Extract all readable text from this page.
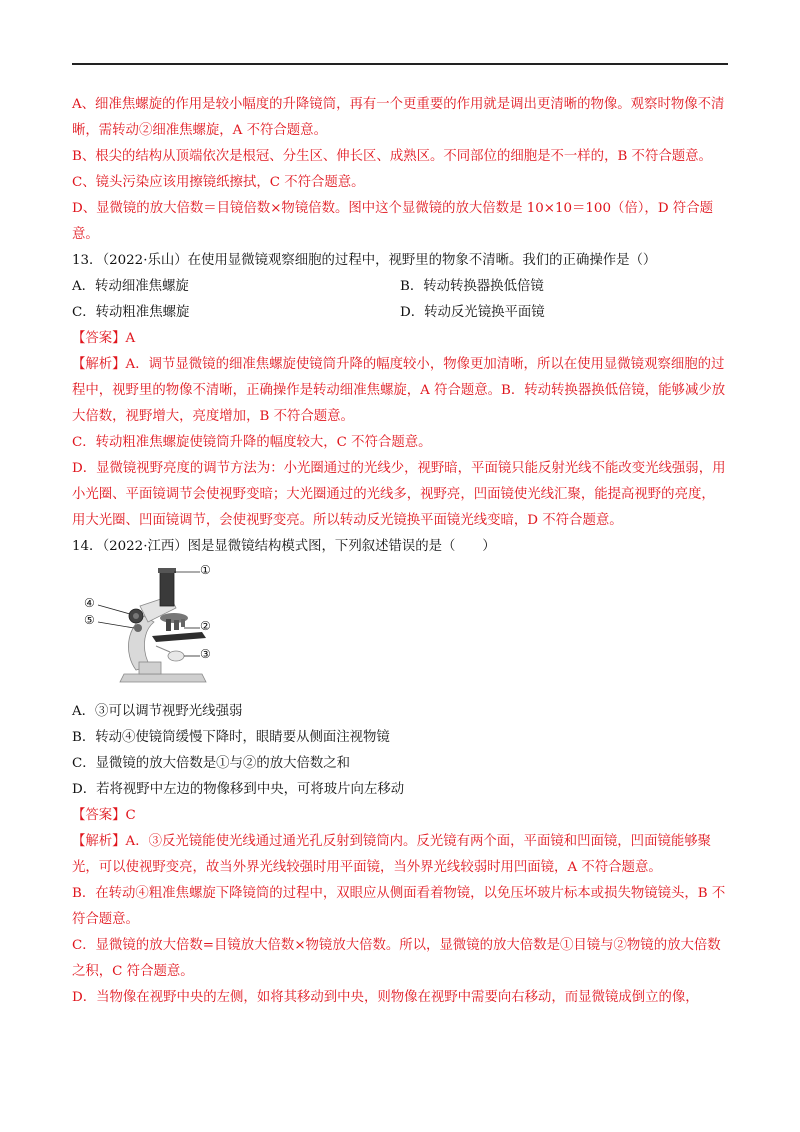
A、细准焦螺旋的作用是较小幅度的升降镜筒，再有一个更重要的作用就是调出更清晰的物像。观察时物像不清晰，需转动②细准焦螺旋，A 不符合题意。

B、根尖的结构从顶端依次是根冠、分生区、伸长区、成熟区。不同部位的细胞是不一样的，B 不符合题意。

C、镜头污染应该用擦镜纸擦拭，C 不符合题意。

D、显微镜的放大倍数＝目镜倍数×物镜倍数。图中这个显微镜的放大倍数是 10×10＝100（倍），D 符合题意。

13．（2022·乐山）在使用显微镜观察细胞的过程中，视野里的物象不清晰。我们的正确操作是（）

A．转动细准焦螺旋	B．转动转换器换低倍镜
C．转动粗准焦螺旋	D．转动反光镜换平面镜

【答案】A

【解析】A．调节显微镜的细准焦螺旋使镜筒升降的幅度较小，物像更加清晰，所以在使用显微镜观察细胞的过程中，视野里的物像不清晰，正确操作是转动细准焦螺旋，A 符合题意。B．转动转换器换低倍镜，能够减少放大倍数，视野增大，亮度增加，B 不符合题意。

C．转动粗准焦螺旋使镜筒升降的幅度较大，C 不符合题意。

D．显微镜视野亮度的调节方法为：小光圈通过的光线少，视野暗，平面镜只能反射光线不能改变光线强弱，用小光圈、平面镜调节会使视野变暗；大光圈通过的光线多，视野亮，凹面镜使光线汇聚，能提高视野的亮度，用大光圈、凹面镜调节，会使视野变亮。所以转动反光镜换平面镜光线变暗，D 不符合题意。

14．（2022·江西）图是显微镜结构模式图，下列叙述错误的是（　　）

①
②
③
④
⑤

A．③可以调节视野光线强弱

B．转动④使镜筒缓慢下降时，眼睛要从侧面注视物镜

C．显微镜的放大倍数是①与②的放大倍数之和

D．若将视野中左边的物像移到中央，可将玻片向左移动

【答案】C

【解析】A．③反光镜能使光线通过通光孔反射到镜筒内。反光镜有两个面，平面镜和凹面镜，凹面镜能够聚光，可以使视野变亮，故当外界光线较强时用平面镜，当外界光线较弱时用凹面镜，A 不符合题意。

B．在转动④粗准焦螺旋下降镜筒的过程中，双眼应从侧面看着物镜，以免压坏玻片标本或损失物镜镜头，B 不符合题意。

C．显微镜的放大倍数=目镜放大倍数×物镜放大倍数。所以，显微镜的放大倍数是①目镜与②物镜的放大倍数之积，C 符合题意。

D．当物像在视野中央的左侧，如将其移动到中央，则物像在视野中需要向右移动，而显微镜成倒立的像，
